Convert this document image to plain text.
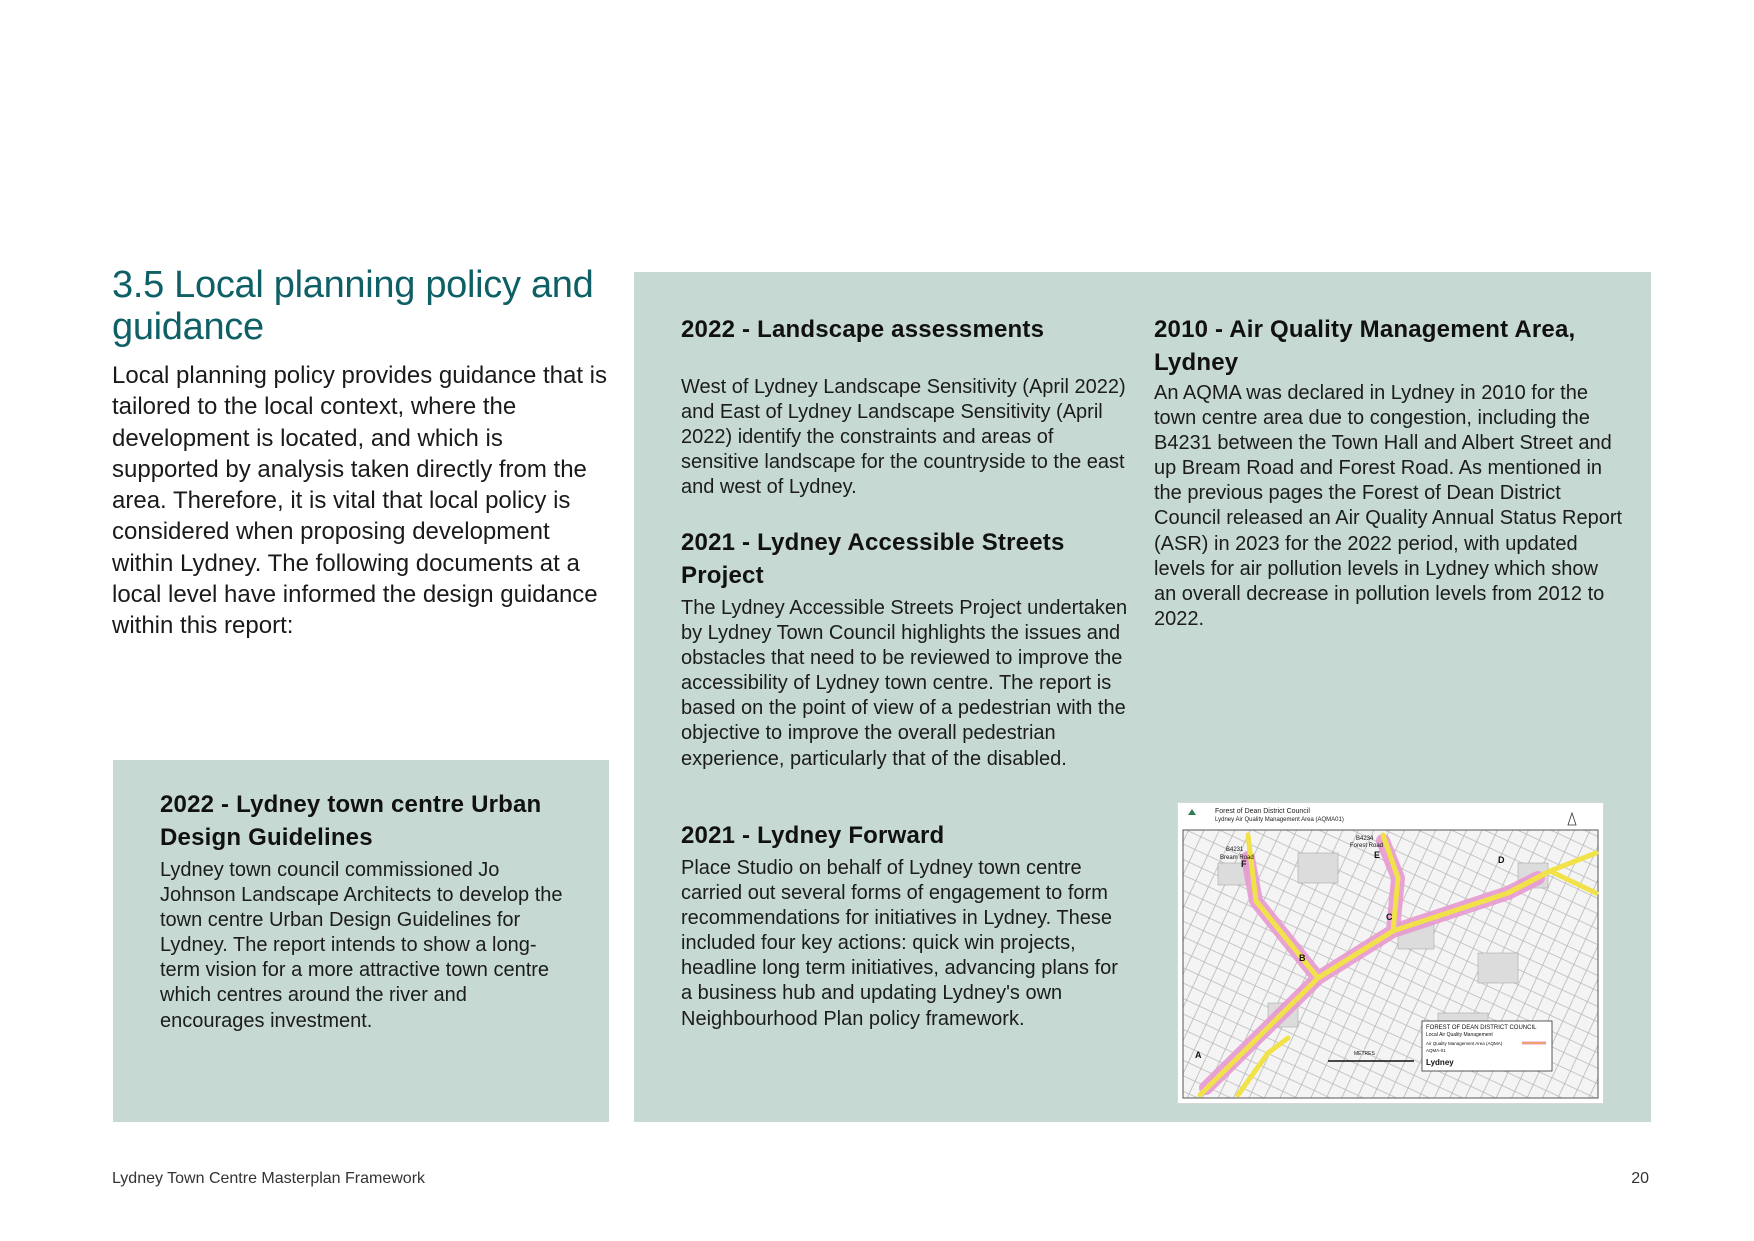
3.5 Local planning policy and guidance

Local planning policy provides guidance that is tailored to the local context, where the development is located, and which is supported by analysis taken directly from the area. Therefore, it is vital that local policy is considered when proposing development within Lydney. The following documents at a local level have informed the design guidance within this report:

2022 - Lydney town centre Urban Design Guidelines

Lydney town council commissioned Jo Johnson Landscape Architects to develop the town centre Urban Design Guidelines for Lydney. The report intends to show a long-term vision for a more attractive town centre which centres around the river and encourages investment.

2022 - Landscape assessments

West of Lydney Landscape Sensitivity (April 2022) and East of Lydney Landscape Sensitivity (April 2022) identify the constraints and areas of sensitive landscape for the countryside to the east and west of Lydney.

2021 - Lydney Accessible Streets Project

The Lydney Accessible Streets Project undertaken by Lydney Town Council highlights the issues and obstacles that need to be reviewed to improve the accessibility of Lydney town centre. The report is based on the point of view of a pedestrian with the objective to improve the overall pedestrian experience, particularly that of the disabled.

2021 - Lydney Forward

Place Studio on behalf of Lydney town centre carried out several forms of engagement to form recommendations for initiatives in Lydney. These included four key actions: quick win projects, headline long term initiatives, advancing plans for a business hub and updating Lydney's own Neighbourhood Plan policy framework.

2010 - Air Quality Management Area, Lydney

An AQMA was declared in Lydney in 2010 for the town centre area due to congestion, including the B4231 between the Town Hall and Albert Street and up Bream Road and Forest Road. As mentioned in the previous pages the Forest of Dean District Council released an Air Quality Annual Status Report (ASR) in 2023 for the 2022 period, with updated levels for air pollution levels in Lydney which show an overall decrease in pollution levels from 2012 to 2022.

Forest of Dean District Council
Lydney Air Quality Management Area (AQMA01)
A
B
C
D
E
F
B4231
Bream Road
B4234
Forest Road
FOREST OF DEAN DISTRICT COUNCIL
Local Air Quality Management
Air Quality Management Area (AQMA)
AQMA-01
Lydney
METRES
Lydney Town Centre Masterplan Framework	20
